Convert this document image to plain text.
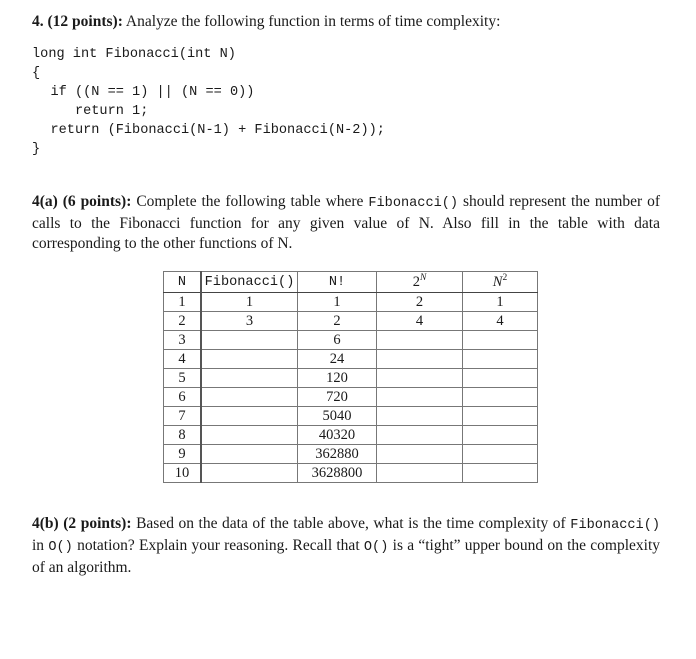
4. (12 points): Analyze the following function in terms of time complexity:
long int Fibonacci(int N)
{
if ((N == 1) || (N == 0))
return 1;
return (Fibonacci(N-1) + Fibonacci(N-2));
}
4(a) (6 points): Complete the following table where Fibonacci() should represent the number of calls to the Fibonacci function for any given value of N. Also fill in the table with data corresponding to the other functions of N.
N	Fibonacci()	N!	$2^N$	$N^2$
1	1	1	2	1
2	3	2	4	4
3		6		
4		24		
5		120		
6		720		
7		5040		
8		40320		
9		362880		
10		3628800		
4(b) (2 points): Based on the data of the table above, what is the time complexity of Fibonacci() in O() notation? Explain your reasoning. Recall that O() is a “tight” upper bound on the complexity of an algorithm.
